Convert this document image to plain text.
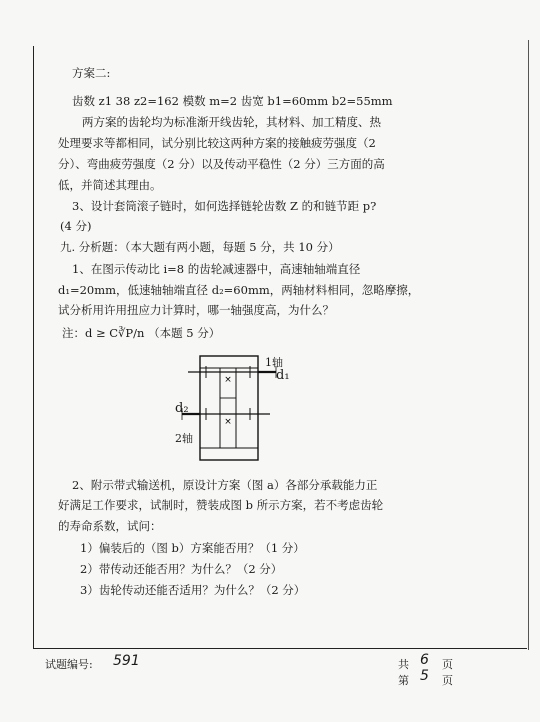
方案二:
齿数 z1 38 z2=162 模数 m=2 齿宽 b1=60mm b2=55mm
两方案的齿轮均为标准渐开线齿轮，其材料、加工精度、热
处理要求等都相同，试分别比较这两种方案的接触疲劳强度（2
分）、弯曲疲劳强度（2 分）以及传动平稳性（2 分）三方面的高
低，并简述其理由。
3、设计套筒滚子链时，如何选择链轮齿数 Z 的和链节距 p?
(4 分)
九. 分析题：（本大题有两小题，每题 5 分，共 10 分）
1、在图示传动比 i=8 的齿轮减速器中，高速轴轴端直径
d₁=20mm，低速轴轴端直径 d₂=60mm，两轴材料相同，忽略摩擦，
试分析用许用扭应力计算时，哪一轴强度高，为什么？
注：d ≥ C∛P/n （本题 5 分）
×
×
1轴
d₁
d₂
2轴
2、附示带式输送机，原设计方案（图 a）各部分承载能力正
好满足工作要求，试制时，赞装成图 b 所示方案，若不考虑齿轮
的寿命系数，试问：
1）偏装后的（图 b）方案能否用？（1 分）
2）带传动还能否用？为什么？（2 分）
3）齿轮传动还能否适用？为什么？（2 分）
试题编号: 591	共 6 页
第 5 页
